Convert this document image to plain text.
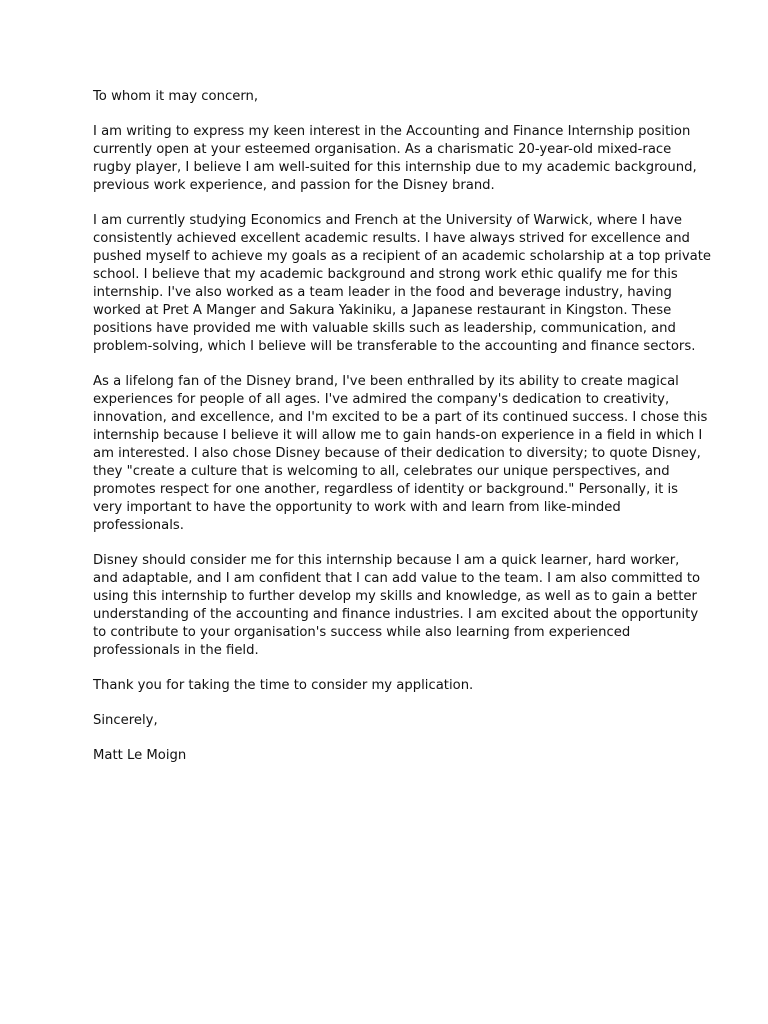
To whom it may concern,

I am writing to express my keen interest in the Accounting and Finance Internship position
currently open at your esteemed organisation. As a charismatic 20-year-old mixed-race
rugby player, I believe I am well-suited for this internship due to my academic background,
previous work experience, and passion for the Disney brand.

I am currently studying Economics and French at the University of Warwick, where I have
consistently achieved excellent academic results. I have always strived for excellence and
pushed myself to achieve my goals as a recipient of an academic scholarship at a top private
school. I believe that my academic background and strong work ethic qualify me for this
internship. I've also worked as a team leader in the food and beverage industry, having
worked at Pret A Manger and Sakura Yakiniku, a Japanese restaurant in Kingston. These
positions have provided me with valuable skills such as leadership, communication, and
problem-solving, which I believe will be transferable to the accounting and finance sectors.

As a lifelong fan of the Disney brand, I've been enthralled by its ability to create magical
experiences for people of all ages. I've admired the company's dedication to creativity,
innovation, and excellence, and I'm excited to be a part of its continued success. I chose this
internship because I believe it will allow me to gain hands-on experience in a field in which I
am interested. I also chose Disney because of their dedication to diversity; to quote Disney,
they "create a culture that is welcoming to all, celebrates our unique perspectives, and
promotes respect for one another, regardless of identity or background." Personally, it is
very important to have the opportunity to work with and learn from like-minded
professionals.

Disney should consider me for this internship because I am a quick learner, hard worker,
and adaptable, and I am confident that I can add value to the team. I am also committed to
using this internship to further develop my skills and knowledge, as well as to gain a better
understanding of the accounting and finance industries. I am excited about the opportunity
to contribute to your organisation's success while also learning from experienced
professionals in the field.

Thank you for taking the time to consider my application.

Sincerely,

Matt Le Moign
